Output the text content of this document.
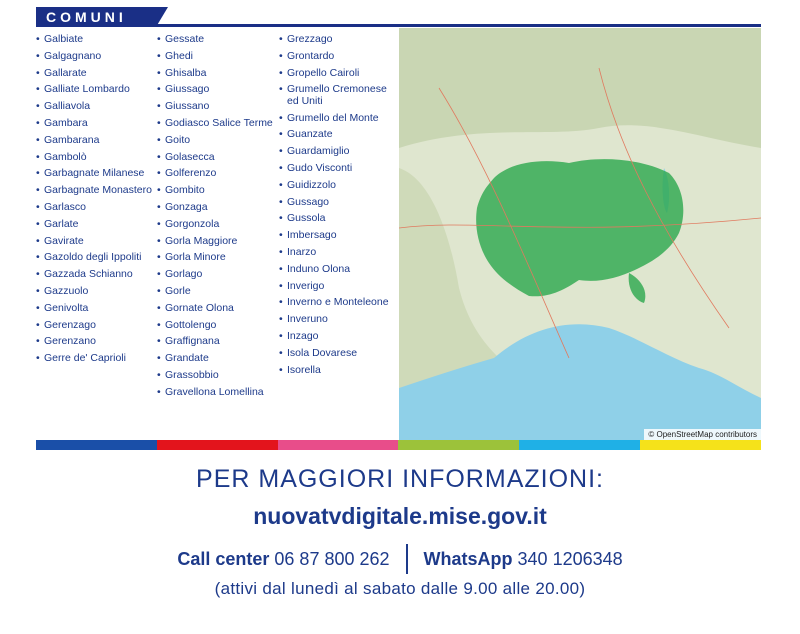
COMUNI
• Galbiate
• Galgagnano
• Gallarate
• Galliate Lombardo
• Galliavola
• Gambara
• Gambarana
• Gambolò
• Garbagnate Milanese
• Garbagnate Monastero
• Garlasco
• Garlate
• Gavirate
• Gazoldo degli Ippoliti
• Gazzada Schianno
• Gazzuolo
• Genivolta
• Gerenzago
• Gerenzano
• Gerre de' Caprioli
• Gessate
• Ghedi
• Ghisalba
• Giussago
• Giussano
• Godiasco Salice Terme
• Goito
• Golasecca
• Golferenzo
• Gombito
• Gonzaga
• Gorgonzola
• Gorla Maggiore
• Gorla Minore
• Gorlago
• Gorle
• Gornate Olona
• Gottolengo
• Graffignana
• Grandate
• Grassobbio
• Gravellona Lomellina
• Grezzago
• Grontardo
• Gropello Cairoli
• Grumello Cremonese ed Uniti
• Grumello del Monte
• Guanzate
• Guardamiglio
• Gudo Visconti
• Guidizzolo
• Gussago
• Gussola
• Imbersago
• Inarzo
• Induno Olona
• Inverigo
• Inverno e Monteleone
• Inveruno
• Inzago
• Isola Dovarese
• Isorella
© OpenStreetMap contributors
PER MAGGIORI INFORMAZIONI:
nuovatvdigitale.mise.gov.it
Call center 06 87 800 262 WhatsApp 340 1206348
(attivi dal lunedì al sabato dalle 9.00 alle 20.00)
